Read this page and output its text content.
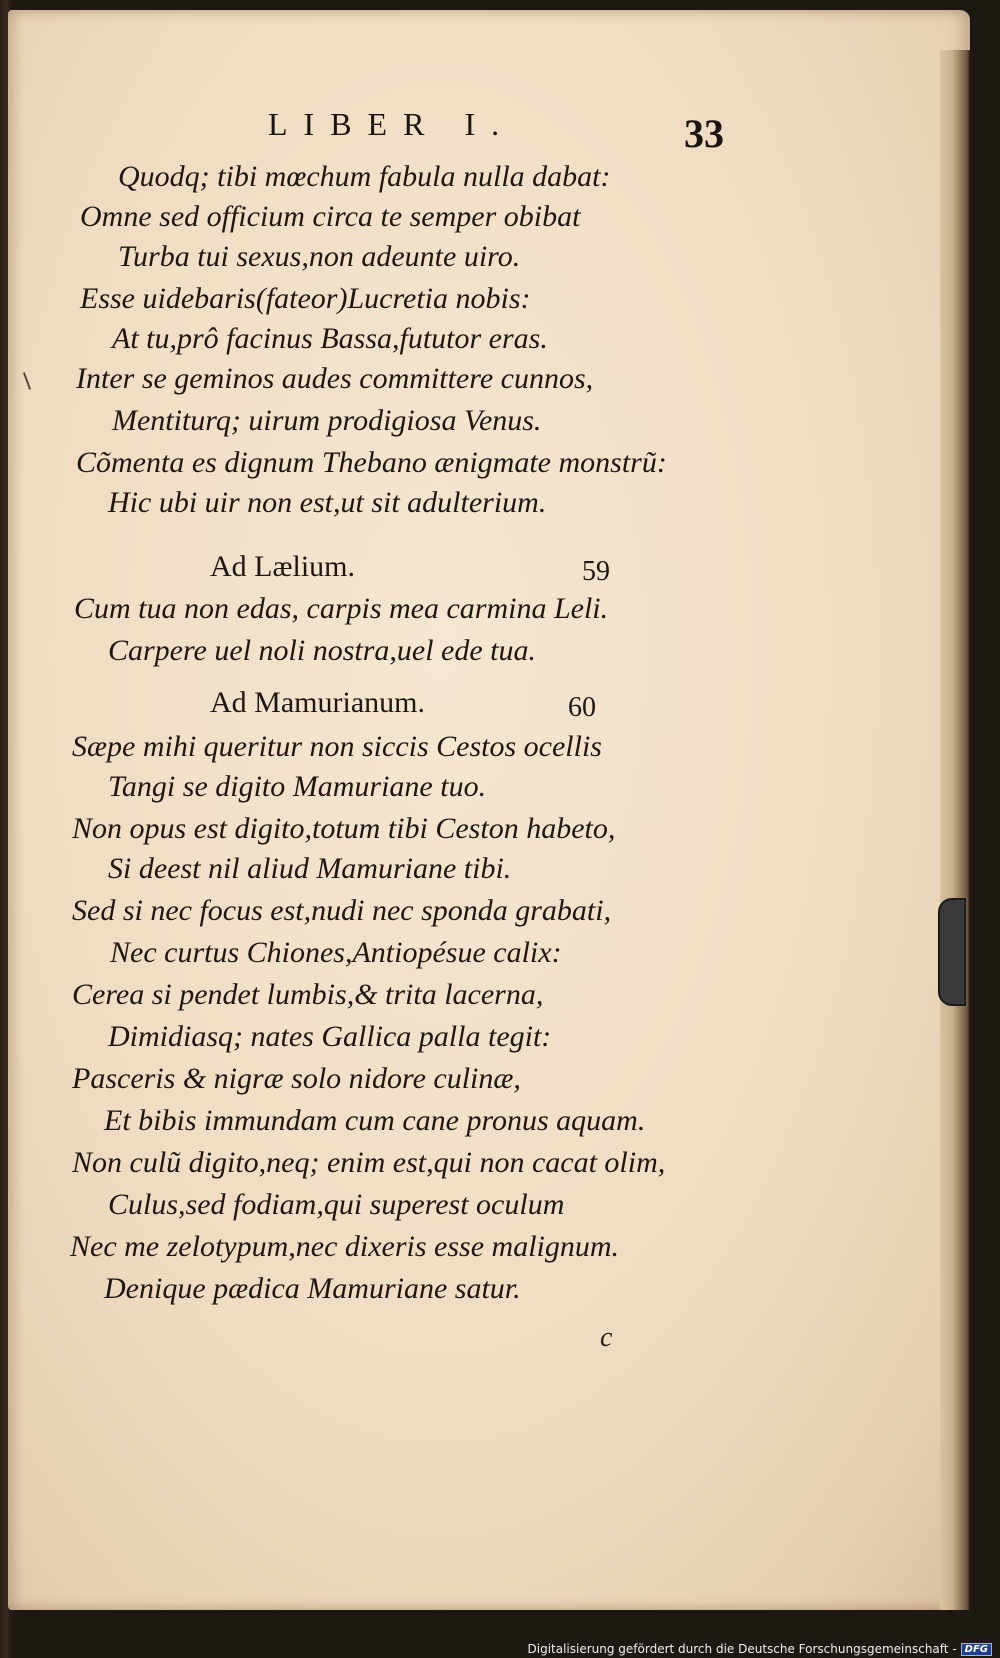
LIBER I.	33
Quodq; tibi mœchum fabula nulla dabat:
Omne sed officium circa te semper obibat
Turba tui sexus,non adeunte uiro.
Esse uidebaris(fateor)Lucretia nobis:
At tu,prô facinus Bassa,fututor eras.
Inter se geminos audes committere cunnos,
Mentiturq; uirum prodigiosa Venus.
Cõmenta es dignum Thebano ænigmate monstrũ:
Hic ubi uir non est,ut sit adulterium.
Ad Lælium.	59
Cum tua non edas, carpis mea carmina Leli.
Carpere uel noli nostra,uel ede tua.
Ad Mamurianum.	60
Sæpe mihi queritur non siccis Cestos ocellis
Tangi se digito Mamuriane tuo.
Non opus est digito,totum tibi Ceston habeto,
Si deest nil aliud Mamuriane tibi.
Sed si nec focus est,nudi nec sponda grabati,
Nec curtus Chiones,Antiopésue calix:
Cerea si pendet lumbis,& trita lacerna,
Dimidiasq; nates Gallica palla tegit:
Pasceris & nigræ solo nidore culinæ,
Et bibis immundam cum cane pronus aquam.
Non culũ digito,neq; enim est,qui non cacat olim,
Culus,sed fodiam,qui superest oculum
Nec me zelotypum,nec dixeris esse malignum.
Denique pædica Mamuriane satur.
c
Digitalisierung gefördert durch die Deutsche Forschungsgemeinschaft - DFG
